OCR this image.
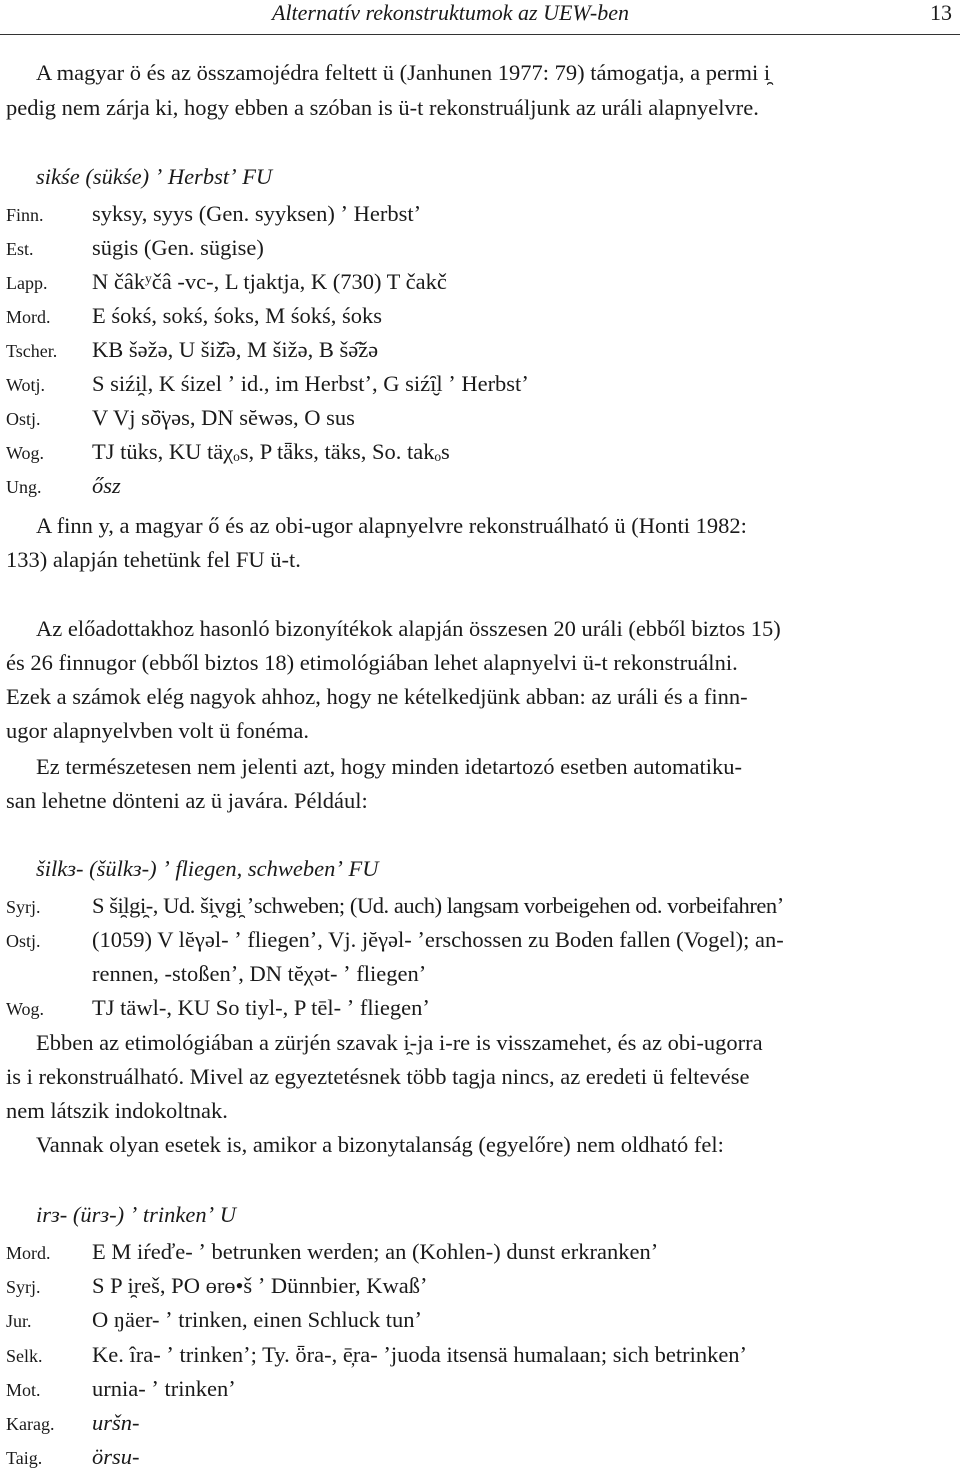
Alternatív rekonstruktumok az UEW-ben	13
A magyar ö és az összamojédra feltett ü (Janhunen 1977: 79) támogatja, a permi i̯
pedig nem zárja ki, hogy ebben a szóban is ü-t rekonstruáljunk az uráli alapnyelvre.
sikśe (sükśe) ʼ Herbstʼ FU
Finn. syksy, syys (Gen. syyksen) ʼ Herbstʼ
Est.	sügis (Gen. sügise)
Lapp. N čâkʸčâ -vc-, L tjaktja, K (730) T čakč
Mord. E śokś, sokś, śoks, M śokś, śoks
Tscher. KB šəžə, U šiž̑ə, M šižə, B šə̑žə
Wotj. S siźi̯l, K śizel ʼ id., im Herbstʼ, G siźȋ̮l ʼ Herbstʼ
Ostj. V Vj sŏ̈γəs, DN sĕwəs, O sus
Wog. TJ tüks, KU täχₒs, P tǟks, täks, So. takₒs
Ung. ősz
A finn y, a magyar ő és az obi-ugor alapnyelvre rekonstruálható ü (Honti 1982:
133) alapján tehetünk fel FU ü-t.
Az előadottakhoz hasonló bizonyítékok alapján összesen 20 uráli (ebből biztos 15)
és 26 finnugor (ebből biztos 18) etimológiában lehet alapnyelvi ü-t rekonstruálni.
Ezek a számok elég nagyok ahhoz, hogy ne kételkedjünk abban: az uráli és a finn-
ugor alapnyelvben volt ü fonéma.
Ez természetesen nem jelenti azt, hogy minden idetartozó esetben automatiku-
san lehetne dönteni az ü javára. Például:
šilkз- (šülkз-) ʼ fliegen, schwebenʼ FU
Syrj. S ši̯lgi̯-, Ud. ši̯vgi̯ ʼschweben; (Ud. auch) langsam vorbeigehen od. vorbeifahrenʼ
Ostj. (1059) V lĕγəl- ʼ fliegenʼ, Vj. jĕγəl- ʼerschossen zu Boden fallen (Vogel); an-
rennen, -stoßenʼ, DN tĕχət- ʼ fliegenʼ
Wog. TJ täwl-, KU So tiyl-, P tēl- ʼ fliegenʼ
Ebben az etimológiában a zürjén szavak i̯-ja i-re is visszamehet, és az obi-ugorra
is i rekonstruálható. Mivel az egyeztetésnek több tagja nincs, az eredeti ü feltevése
nem látszik indokoltnak.
Vannak olyan esetek is, amikor a bizonytalanság (egyelőre) nem oldható fel:
irз- (ürз-) ʼ trinkenʼ U
Mord. E M iŕeďe- ʼ betrunken werden; an (Kohlen-) dunst erkrankenʼ
Syrj. S P i̯reš, PO ɵrɵ•š ʼ Dünnbier, Kwaßʼ
Jur.	O ŋäer- ʼ trinken, einen Schluck tunʼ
Selk. Ke. îra- ʼ trinkenʼ; Ty. ȫra-, ē̦ra- ʼjuoda itsensä humalaan; sich betrinkenʼ
Mot. urnia- ʼ trinkenʼ
Karag. uršn-
Taig. örsu-
